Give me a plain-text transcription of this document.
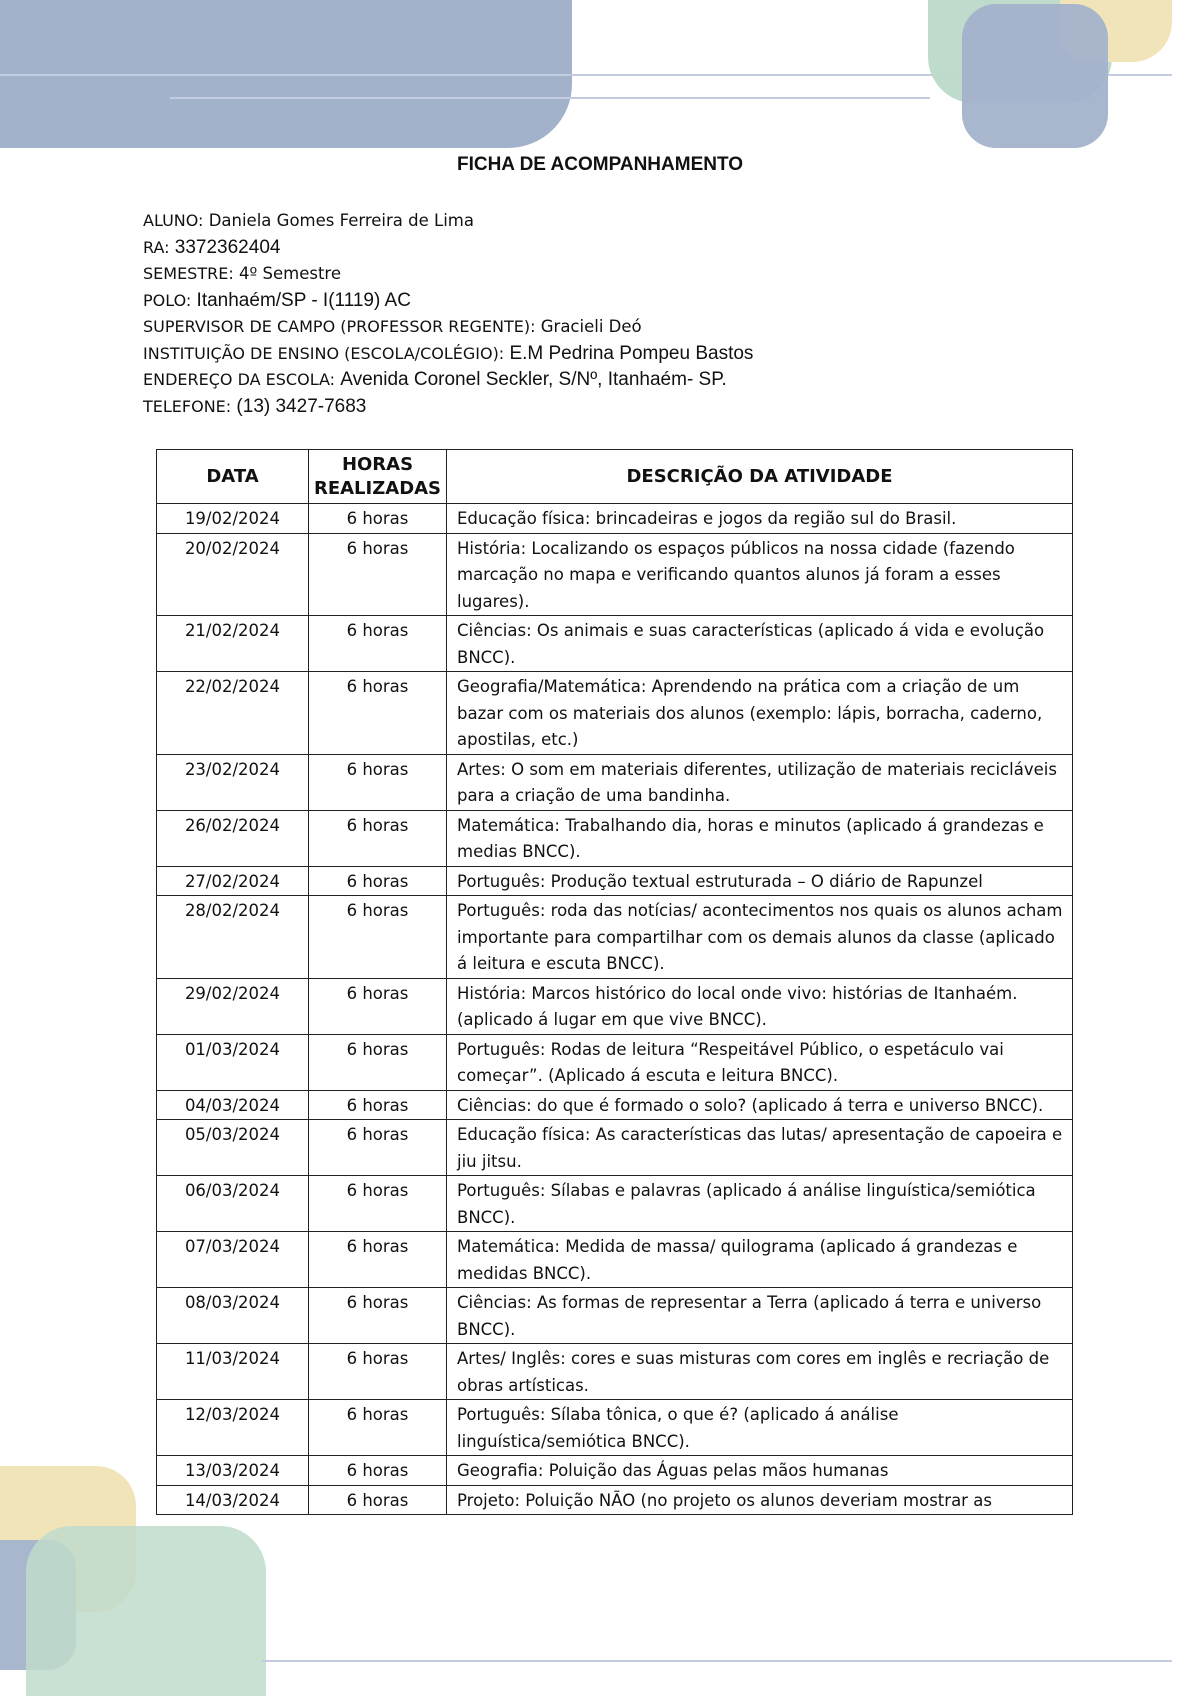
FICHA DE ACOMPANHAMENTO
ALUNO: Daniela Gomes Ferreira de Lima
RA: 3372362404
SEMESTRE: 4º Semestre
POLO: Itanhaém/SP - I(1119) AC
SUPERVISOR DE CAMPO (PROFESSOR REGENTE): Gracieli Deó
INSTITUIÇÃO DE ENSINO (ESCOLA/COLÉGIO): E.M Pedrina Pompeu Bastos
ENDEREÇO DA ESCOLA: Avenida Coronel Seckler, S/Nº, Itanhaém- SP.
TELEFONE: (13) 3427-7683
DATA	HORAS REALIZADAS	DESCRIÇÃO DA ATIVIDADE
19/02/2024	6 horas	Educação física: brincadeiras e jogos da região sul do Brasil.
20/02/2024	6 horas	História: Localizando os espaços públicos na nossa cidade (fazendo marcação no mapa e verificando quantos alunos já foram a esses lugares).
21/02/2024	6 horas	Ciências: Os animais e suas características (aplicado á vida e evolução BNCC).
22/02/2024	6 horas	Geografia/Matemática: Aprendendo na prática com a criação de um bazar com os materiais dos alunos (exemplo: lápis, borracha, caderno, apostilas, etc.)
23/02/2024	6 horas	Artes: O som em materiais diferentes, utilização de materiais recicláveis para a criação de uma bandinha.
26/02/2024	6 horas	Matemática: Trabalhando dia, horas e minutos (aplicado á grandezas e medias BNCC).
27/02/2024	6 horas	Português: Produção textual estruturada – O diário de Rapunzel
28/02/2024	6 horas	Português: roda das notícias/ acontecimentos nos quais os alunos acham importante para compartilhar com os demais alunos da classe (aplicado á leitura e escuta BNCC).
29/02/2024	6 horas	História: Marcos histórico do local onde vivo: histórias de Itanhaém. (aplicado á lugar em que vive BNCC).
01/03/2024	6 horas	Português: Rodas de leitura “Respeitável Público, o espetáculo vai começar”. (Aplicado á escuta e leitura BNCC).
04/03/2024	6 horas	Ciências: do que é formado o solo? (aplicado á terra e universo BNCC).
05/03/2024	6 horas	Educação física: As características das lutas/ apresentação de capoeira e jiu jitsu.
06/03/2024	6 horas	Português: Sílabas e palavras (aplicado á análise linguística/semiótica BNCC).
07/03/2024	6 horas	Matemática: Medida de massa/ quilograma (aplicado á grandezas e medidas BNCC).
08/03/2024	6 horas	Ciências: As formas de representar a Terra (aplicado á terra e universo BNCC).
11/03/2024	6 horas	Artes/ Inglês: cores e suas misturas com cores em inglês e recriação de obras artísticas.
12/03/2024	6 horas	Português: Sílaba tônica, o que é? (aplicado á análise linguística/semiótica BNCC).
13/03/2024	6 horas	Geografia: Poluição das Águas pelas mãos humanas
14/03/2024	6 horas	Projeto: Poluição NÃO (no projeto os alunos deveriam mostrar as
